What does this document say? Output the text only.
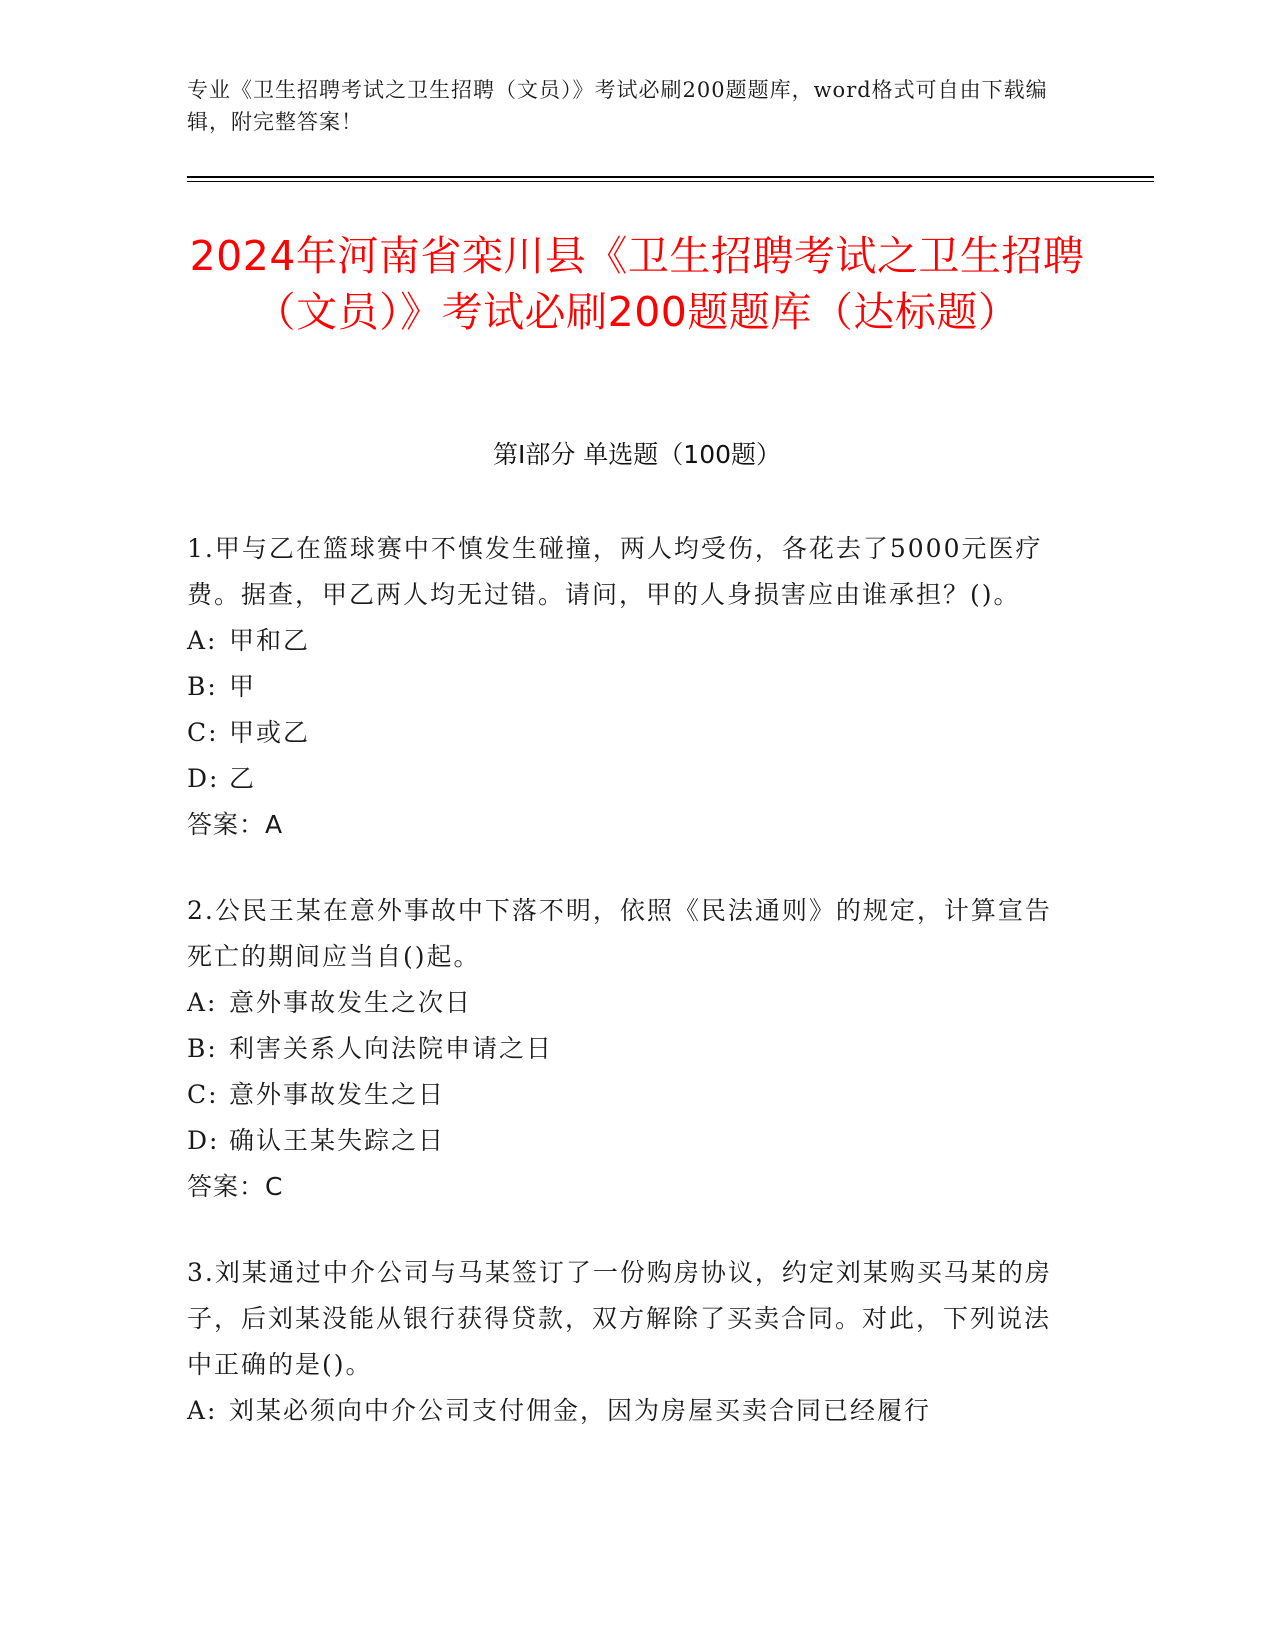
专业《卫生招聘考试之卫生招聘（文员）》考试必刷200题题库，word格式可自由下载编辑，附完整答案！
2024年河南省栾川县《卫生招聘考试之卫生招聘（文员）》考试必刷200题题库（达标题）
第I部分 单选题（100题）

1.甲与乙在篮球赛中不慎发生碰撞，两人均受伤，各花去了5000元医疗费。据查，甲乙两人均无过错。请问，甲的人身损害应由谁承担？()。

A: 甲和乙

B: 甲

C: 甲或乙

D: 乙

答案：A

2.公民王某在意外事故中下落不明，依照《民法通则》的规定，计算宣告死亡的期间应当自()起。

A: 意外事故发生之次日

B: 利害关系人向法院申请之日

C: 意外事故发生之日

D: 确认王某失踪之日

答案：C

3.刘某通过中介公司与马某签订了一份购房协议，约定刘某购买马某的房子，后刘某没能从银行获得贷款，双方解除了买卖合同。对此，下列说法中正确的是()。

A: 刘某必须向中介公司支付佣金，因为房屋买卖合同已经履行
